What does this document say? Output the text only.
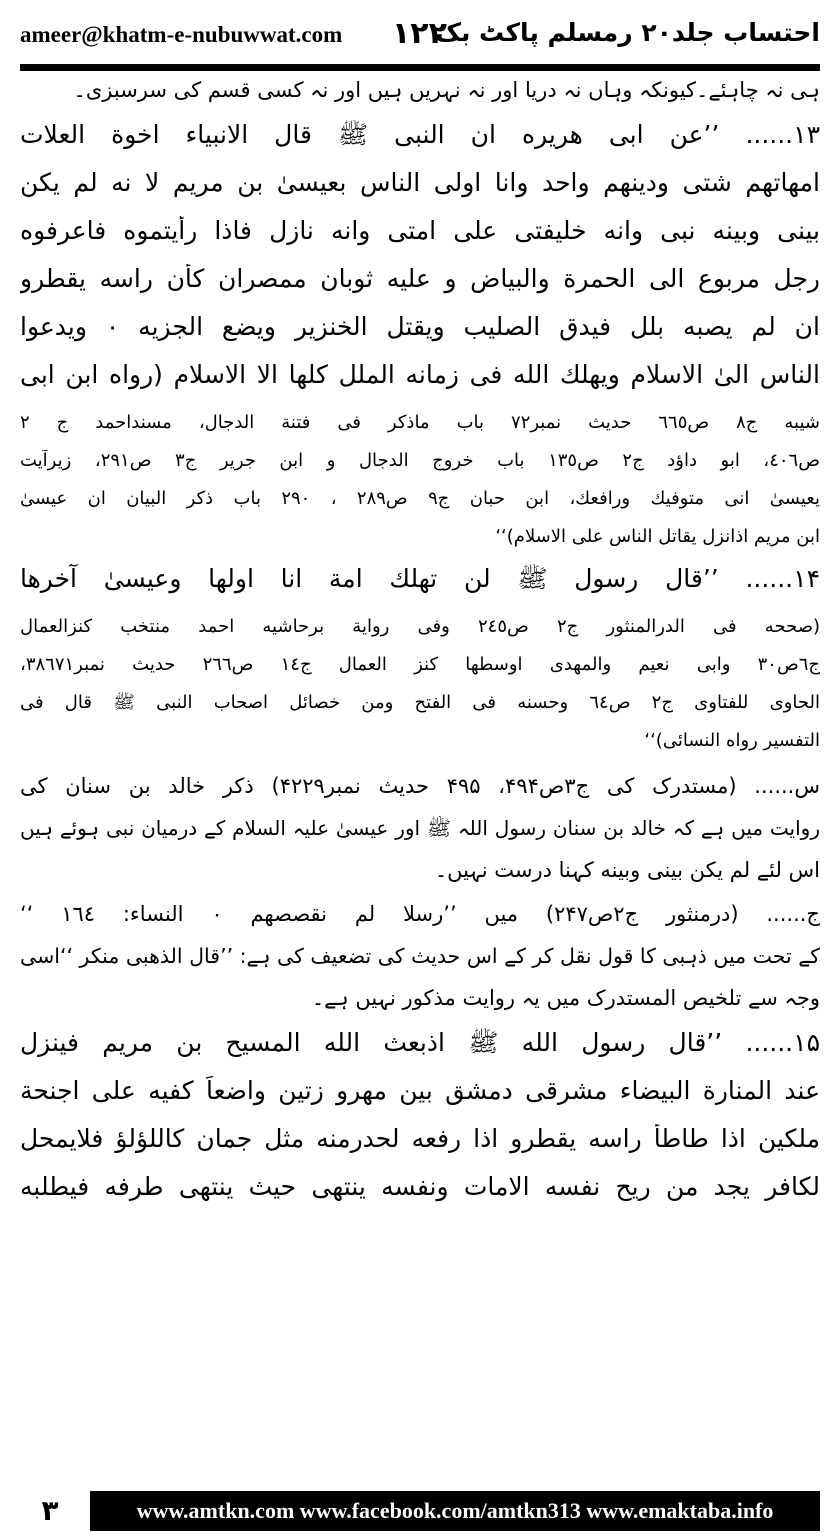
ameer@khatm-e-nubuwwat.com ۱۲۲
احتساب جلد۲۰ رمسلم پاکٹ بک
ہی نہ چاہئے۔کیونکہ وہاں نہ دریا اور نہ نہریں ہیں اور نہ کسی قسم کی سرسبزی۔
۱۳...... ’’عن ابی هريره ان النبی ﷺ قال الانبياء اخوة العلات
امهاتهم شتی ودينهم واحد وانا اولی الناس بعيسیٰ بن مريم لا نه لم يكن
بينی وبينه نبی وانه خليفتی علی امتی وانه نازل فاذا رأيتموه فاعرفوه
رجل مربوع الی الحمرة والبياض و عليه ثوبان ممصران كأن راسه يقطرو
ان لم يصبه بلل فيدق الصليب ويقتل الخنزير ويضع الجزيه ٠ ويدعوا
الناس الیٰ الاسلام ويهلك الله فی زمانه الملل كلها الا الاسلام (رواه ابن ابی
شيبه ج۸ ص٦٦٥ حديث نمبر٧٢ باب ماذكر فی فتنة الدجال، مسنداحمد ج ٢
ص٤٠٦، ابو داؤد ج٢ ص١٣٥ باب خروج الدجال و ابن جرير ج٣ ص٢٩١، زيرآيت
يعيسیٰ انی متوفيك ورافعك، ابن حبان ج٩ ص٢٨٩ ، ٢٩٠ باب ذكر البيان ان عيسیٰ
ابن مريم اذانزل يقاتل الناس علی الاسلام)‘‘
۱۴...... ’’قال رسول ﷺ لن تهلك امة انا اولها وعيسیٰ آخرها
(صححه فی الدرالمنثور ج٢ ص٢٤٥ وفی رواية برحاشيه احمد منتخب كنزالعمال
ج٦ص٣٠ وابی نعيم والمهدی اوسطها كنز العمال ج١٤ ص٢٦٦ حديث نمبر٣٨٦٧١،
الحاوی للفتاوی ج٢ ص٦٤ وحسنه فی الفتح ومن خصائل اصحاب النبی ﷺ قال فی
التفسير رواه النسائی)‘‘
س...... (مستدرک کی ج۳ص۴۹۴، ۴۹۵ حدیث نمبر۴۲۲۹) ذکر خالد بن سنان کی
روایت میں ہے کہ خالد بن سنان رسول اللہ ﷺ اور عیسیٰ علیہ السلام کے درمیان نبی ہوئے ہیں
اس لئے لم يكن بينی وبينه کہنا درست نہیں۔
ج...... (درمنثور ج۲ص۲۴۷) میں ’’رسلا لم نقصصهم ٠ النساء: ١٦٤ ‘‘
کے تحت میں ذہبی کا قول نقل کر کے اس حدیث کی تضعیف کی ہے: ’’قال الذهبی منكر ‘‘اسی
وجہ سے تلخیص المستدرک میں یہ روایت مذکور نہیں ہے۔
۱۵...... ’’قال رسول الله ﷺ اذبعث الله المسيح بن مريم فينزل
عند المنارة البيضاء مشرقی دمشق بين مهرو زتين واضعاً كفيه علی اجنحة
ملكين اذا طاطأ راسه يقطرو اذا رفعه لحدرمنه مثل جمان كاللؤلؤ فلايمحل
لكافر يجد من ريح نفسه الامات ونفسه ينتهی حيث ينتهی طرفه فيطلبه
٣	www.amtkn.com www.facebook.com/amtkn313 www.emaktaba.info
